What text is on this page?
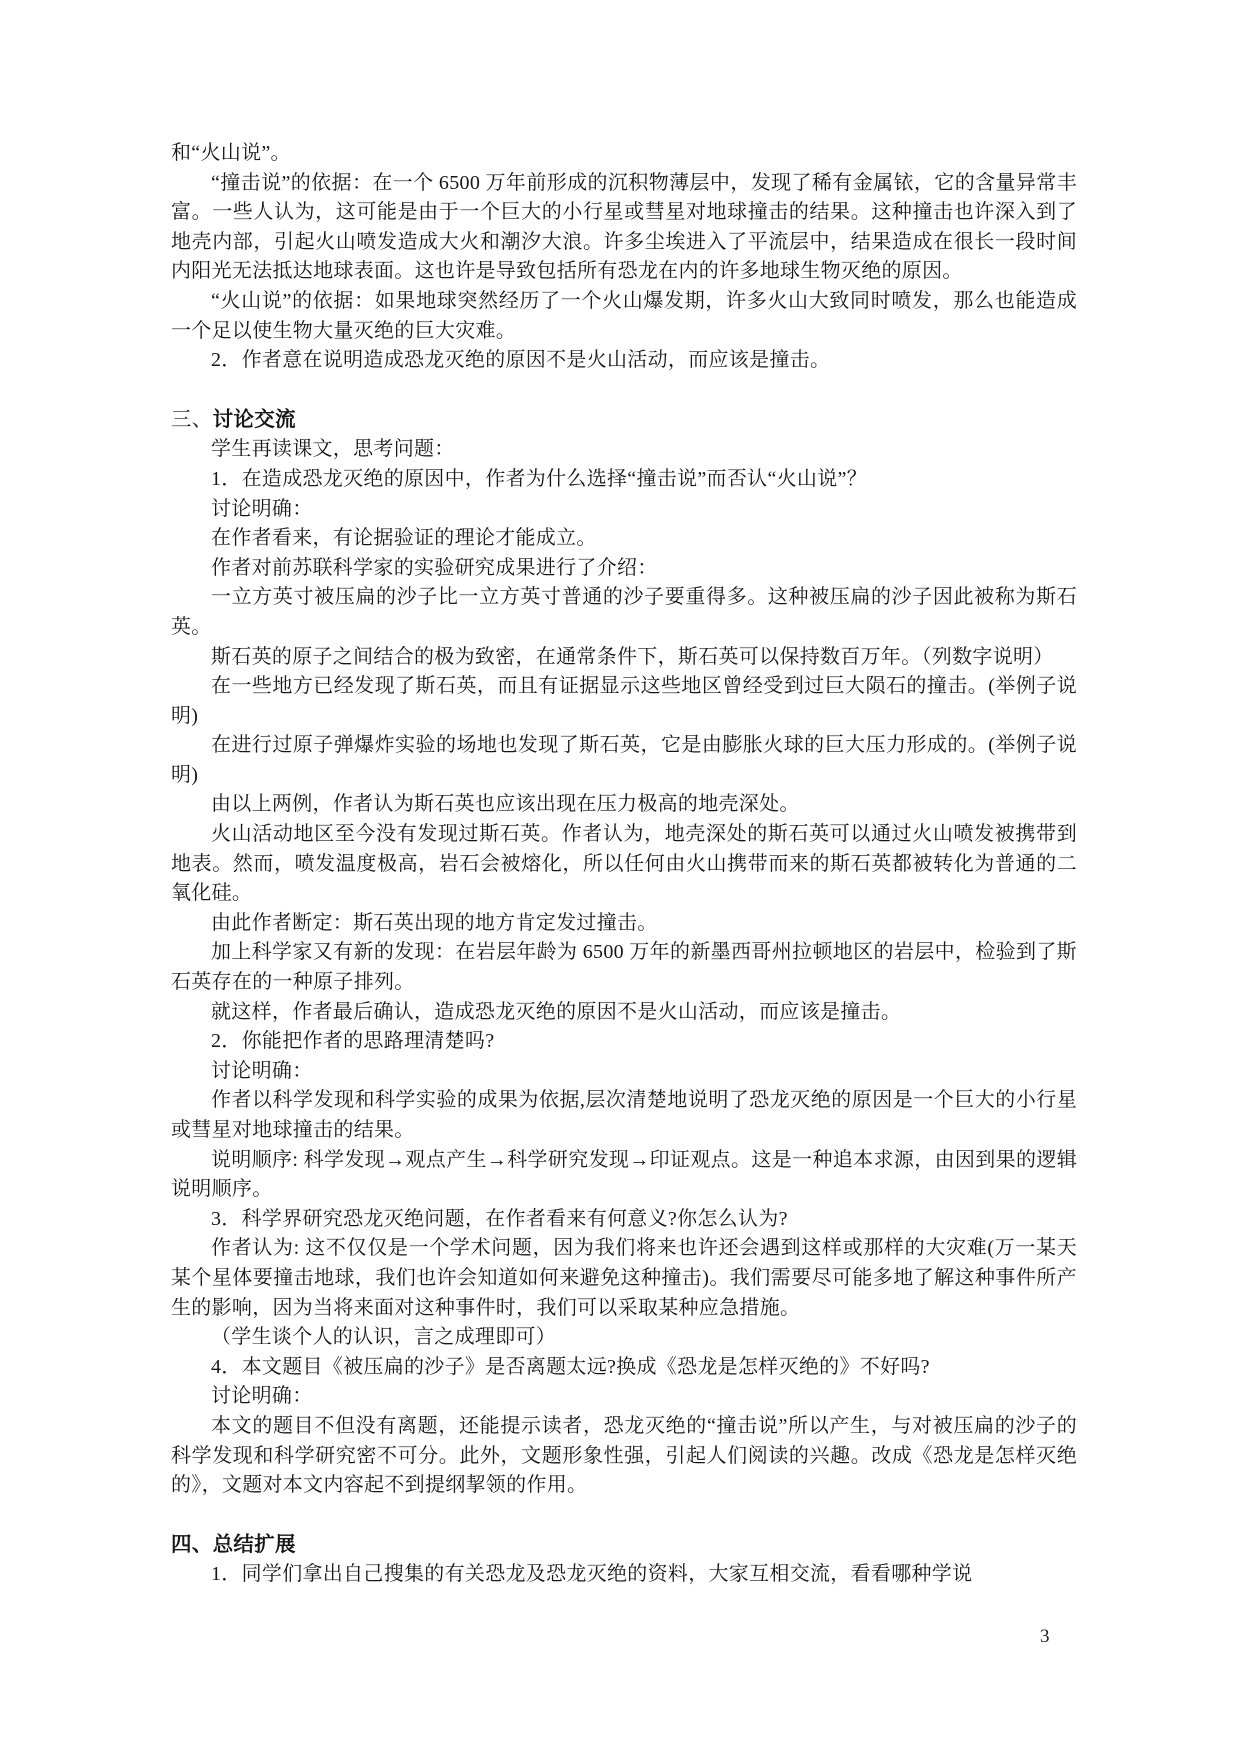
和“火山说”。

“撞击说”的依据：在一个 6500 万年前形成的沉积物薄层中，发现了稀有金属铱，它的含量异常丰富。一些人认为，这可能是由于一个巨大的小行星或彗星对地球撞击的结果。这种撞击也许深入到了地壳内部，引起火山喷发造成大火和潮汐大浪。许多尘埃进入了平流层中，结果造成在很长一段时间内阳光无法抵达地球表面。这也许是导致包括所有恐龙在内的许多地球生物灭绝的原因。

“火山说”的依据：如果地球突然经历了一个火山爆发期，许多火山大致同时喷发，那么也能造成一个足以使生物大量灭绝的巨大灾难。

2．作者意在说明造成恐龙灭绝的原因不是火山活动，而应该是撞击。

三、讨论交流

学生再读课文，思考问题：

1．在造成恐龙灭绝的原因中，作者为什么选择“撞击说”而否认“火山说”？

讨论明确：

在作者看来，有论据验证的理论才能成立。

作者对前苏联科学家的实验研究成果进行了介绍：

一立方英寸被压扁的沙子比一立方英寸普通的沙子要重得多。这种被压扁的沙子因此被称为斯石英。

斯石英的原子之间结合的极为致密，在通常条件下，斯石英可以保持数百万年。（列数字说明）

在一些地方已经发现了斯石英，而且有证据显示这些地区曾经受到过巨大陨石的撞击。(举例子说明)

在进行过原子弹爆炸实验的场地也发现了斯石英，它是由膨胀火球的巨大压力形成的。(举例子说明)

由以上两例，作者认为斯石英也应该出现在压力极高的地壳深处。

火山活动地区至今没有发现过斯石英。作者认为，地壳深处的斯石英可以通过火山喷发被携带到地表。然而，喷发温度极高，岩石会被熔化，所以任何由火山携带而来的斯石英都被转化为普通的二氧化硅。

由此作者断定：斯石英出现的地方肯定发过撞击。

加上科学家又有新的发现：在岩层年龄为 6500 万年的新墨西哥州拉顿地区的岩层中，检验到了斯石英存在的一种原子排列。

就这样，作者最后确认，造成恐龙灭绝的原因不是火山活动，而应该是撞击。

2．你能把作者的思路理清楚吗?

讨论明确：

作者以科学发现和科学实验的成果为依据,层次清楚地说明了恐龙灭绝的原因是一个巨大的小行星或彗星对地球撞击的结果。

说明顺序: 科学发现→观点产生→科学研究发现→印证观点。这是一种追本求源，由因到果的逻辑说明顺序。

3．科学界研究恐龙灭绝问题，在作者看来有何意义?你怎么认为?

作者认为: 这不仅仅是一个学术问题，因为我们将来也许还会遇到这样或那样的大灾难(万一某天某个星体要撞击地球，我们也许会知道如何来避免这种撞击)。我们需要尽可能多地了解这种事件所产生的影响，因为当将来面对这种事件时，我们可以采取某种应急措施。

（学生谈个人的认识，言之成理即可）

4．本文题目《被压扁的沙子》是否离题太远?换成《恐龙是怎样灭绝的》不好吗?

讨论明确：

本文的题目不但没有离题，还能提示读者，恐龙灭绝的“撞击说”所以产生，与对被压扁的沙子的科学发现和科学研究密不可分。此外，文题形象性强，引起人们阅读的兴趣。改成《恐龙是怎样灭绝的》，文题对本文内容起不到提纲挈领的作用。

四、总结扩展

1．同学们拿出自己搜集的有关恐龙及恐龙灭绝的资料，大家互相交流，看看哪种学说

3
